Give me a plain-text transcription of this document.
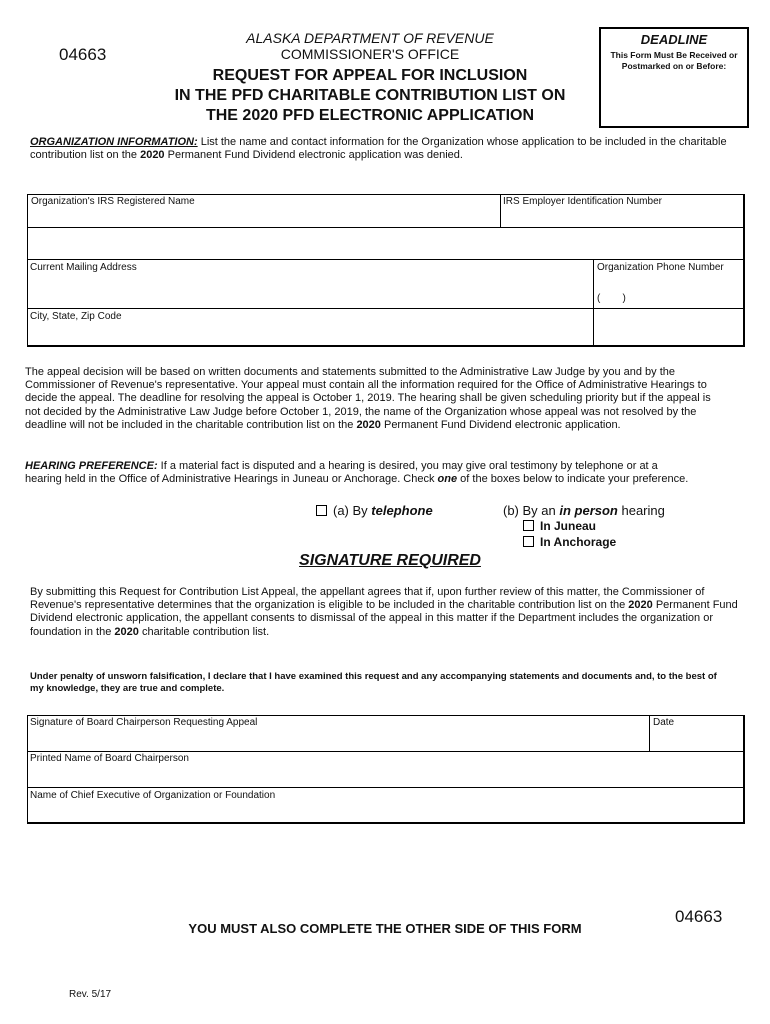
04663
ALASKA DEPARTMENT OF REVENUE
COMMISSIONER'S OFFICE
REQUEST FOR APPEAL FOR INCLUSION
IN THE PFD CHARITABLE CONTRIBUTION LIST ON
THE 2020 PFD ELECTRONIC APPLICATION
DEADLINE
This Form Must Be Received or Postmarked on or Before:
ORGANIZATION INFORMATION: List the name and contact information for the Organization whose application to be included in the charitable contribution list on the 2020 Permanent Fund Dividend electronic application was denied.
Organization's IRS Registered Name	IRS Employer Identification Number
Current Mailing Address	Organization Phone Number
(        )
City, State, Zip Code
The appeal decision will be based on written documents and statements submitted to the Administrative Law Judge by you and by the Commissioner of Revenue's representative. Your appeal must contain all the information required for the Office of Administrative Hearings to decide the appeal. The deadline for resolving the appeal is October 1, 2019. The hearing shall be given scheduling priority but if the appeal is not decided by the Administrative Law Judge before October 1, 2019, the name of the Organization whose appeal was not resolved by the deadline will not be included in the charitable contribution list on the 2020 Permanent Fund Dividend electronic application.
HEARING PREFERENCE: If a material fact is disputed and a hearing is desired, you may give oral testimony by telephone or at a hearing held in the Office of Administrative Hearings in Juneau or Anchorage. Check one of the boxes below to indicate your preference.
(a) By telephone	(b) By an in person hearing
In Juneau
In Anchorage
SIGNATURE REQUIRED
By submitting this Request for Contribution List Appeal, the appellant agrees that if, upon further review of this matter, the Commissioner of Revenue's representative determines that the organization is eligible to be included in the charitable contribution list on the 2020 Permanent Fund Dividend electronic application, the appellant consents to dismissal of the appeal in this matter if the Department includes the organization or foundation in the 2020 charitable contribution list.
Under penalty of unsworn falsification, I declare that I have examined this request and any accompanying statements and documents and, to the best of my knowledge, they are true and complete.
Signature of Board Chairperson Requesting Appeal	Date
Printed Name of Board Chairperson
Name of Chief Executive of Organization or Foundation
04663
YOU MUST ALSO COMPLETE THE OTHER SIDE OF THIS FORM
Rev. 5/17
